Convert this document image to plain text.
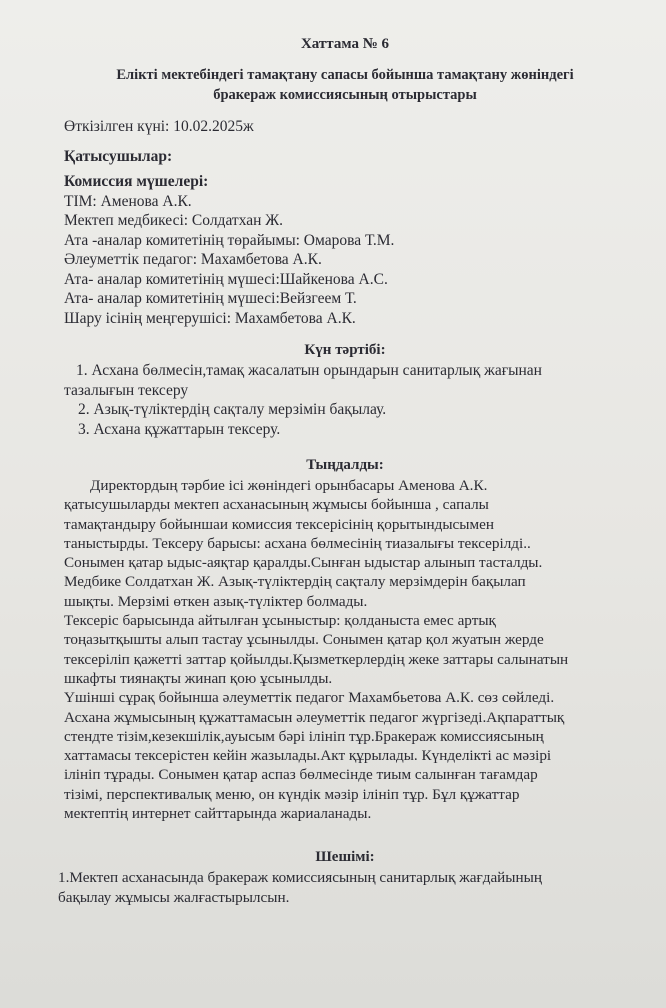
Хаттама № 6

Елікті мектебіндегі тамақтану сапасы бойынша тамақтану жөніндегі бракераж комиссиясының отырыстары

Өткізілген күні: 10.02.2025ж

Қатысушылар:

Комиссия мүшелері:

ТІМ: Аменова А.К.

Мектеп медбикесі: Солдатхан Ж.

Ата -аналар комитетінің төрайымы: Омарова Т.М.

Әлеуметтік педагог: Махамбетова А.К.

Ата- аналар комитетінің мүшесі:Шайкенова А.С.

Ата- аналар комитетінің мүшесі:Вейзгеем Т.

Шару ісінің меңгерушісі: Махамбетова А.К.

Күн тәртібі:

1. Асхана бөлмесін,тамақ жасалатын орындарын санитарлық жағынан

тазалығын тексеру

2. Азық-түліктердің сақталу мерзімін бақылау.

3. Асхана құжаттарын тексеру.

Тыңдалды:

Директордың тәрбие ісі жөніндегі орынбасары Аменова А.К.

қатысушыларды мектеп асханасының жұмысы бойынша , сапалы

тамақтандыру бойыншаи комиссия тексерісінің қорытындысымен

таныстырды. Тексеру барысы: асхана бөлмесінің тиазалығы тексерілді..

Сонымен қатар ыдыс-аяқтар қаралды.Сынған ыдыстар алынып тасталды.

Медбике Солдатхан Ж. Азық-түліктердің сақталу мерзімдерін бақылап

шықты. Мерзімі өткен азық-түліктер болмады.

Тексеріс барысында айтылған ұсыныстыр: қолданыста емес артық

тоңазытқышты алып тастау ұсынылды. Сонымен қатар қол жуатын жерде

тексеріліп қажетті заттар қойылды.Қызметкерлердің жеке заттары салынатын

шкафты тиянақты жинап қою ұсынылды.

Үшінші сұрақ бойынша әлеуметтік педагог Махамбьетова А.К. сөз сөйледі.

Асхана жұмысының құжаттамасын әлеуметтік педагог жүргізеді.Ақпараттық

стендте тізім,кезекшілік,ауысым бәрі ілініп тұр.Бракераж комиссиясының

хаттамасы тексерістен кейін жазылады.Акт құрылады. Күнделікті ас мәзірі

ілініп тұрады. Сонымен қатар аспаз бөлмесінде тиым салынған тағамдар

тізімі, перспективалық меню, он күндік мәзір ілініп тұр. Бұл құжаттар

мектептің интернет сайттарында жариаланады.

Шешімі:

1.Мектеп асханасында бракераж комиссиясының санитарлық жағдайының

бақылау жұмысы жалғастырылсын.
